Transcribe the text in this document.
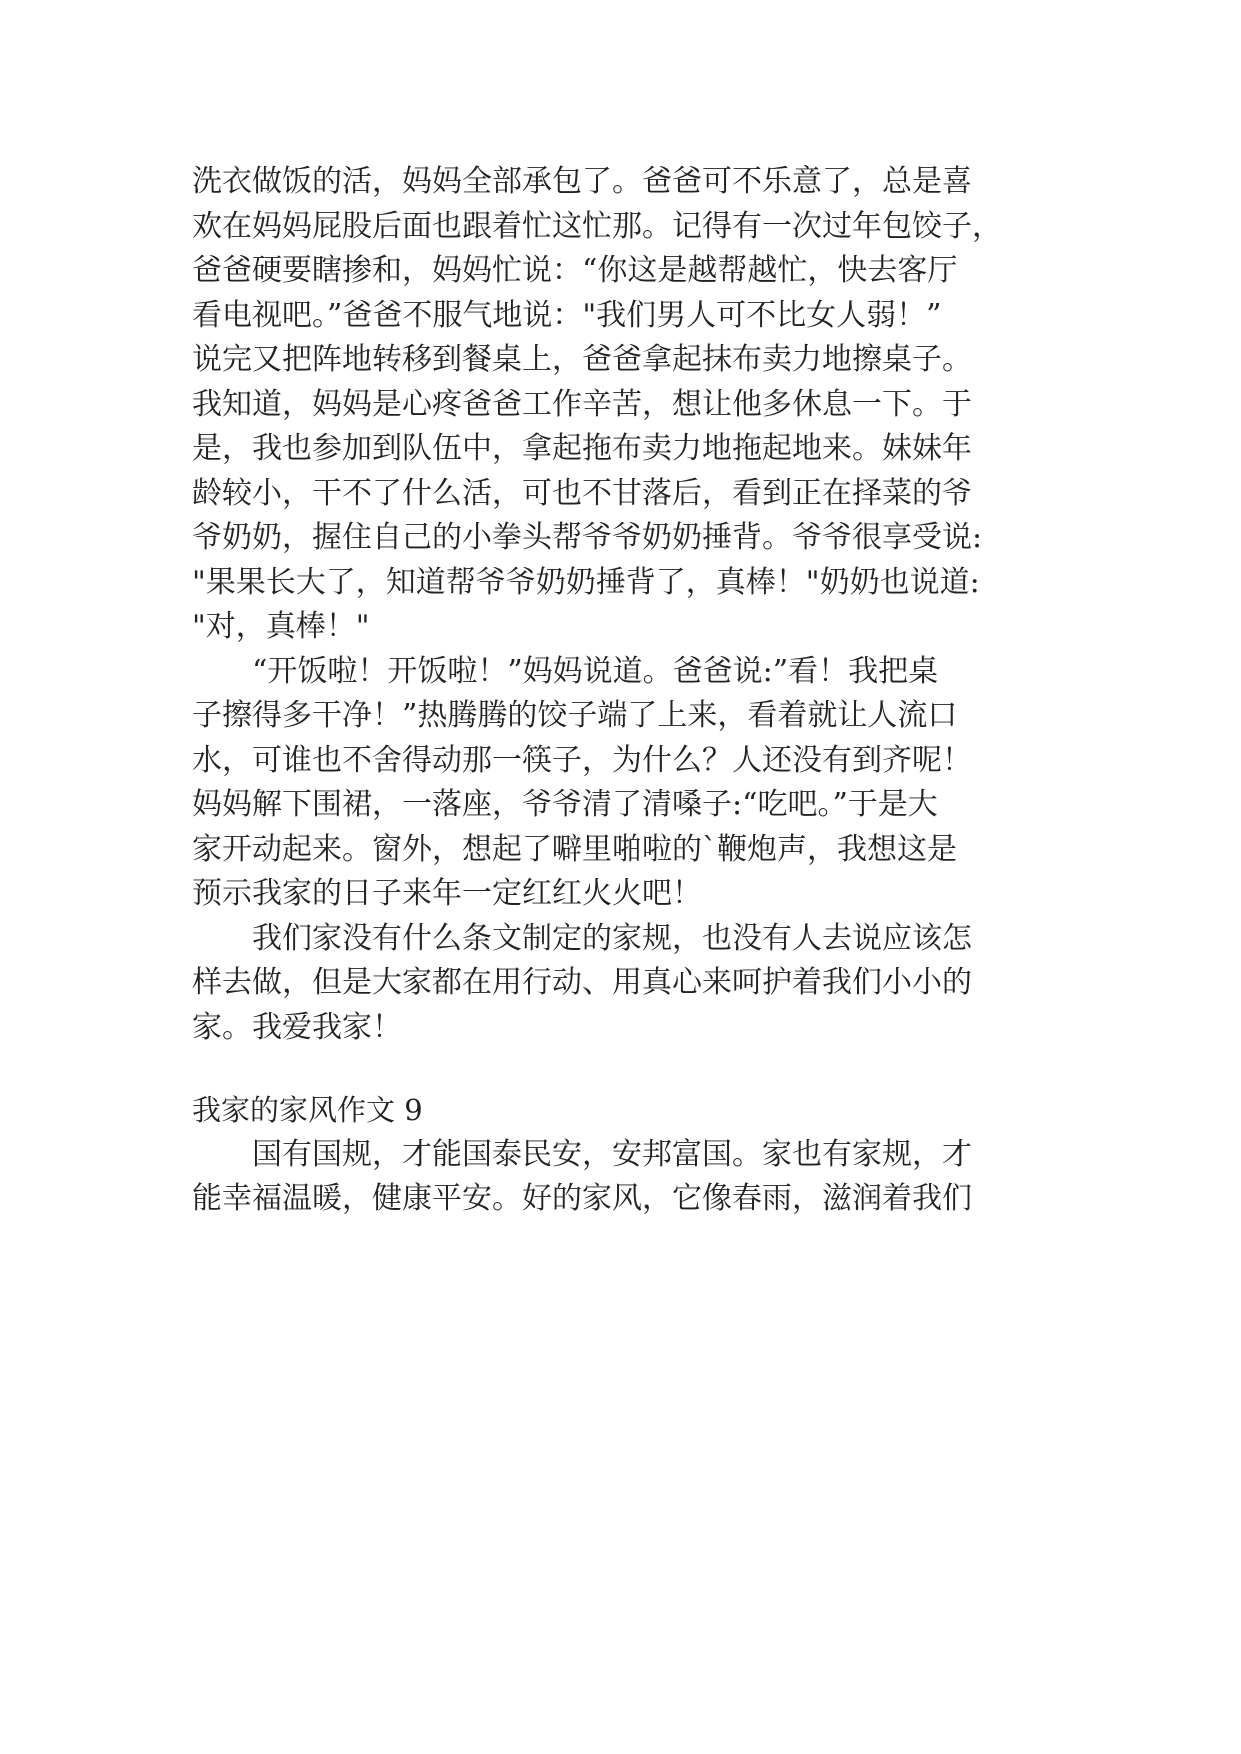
洗衣做饭的活，妈妈全部承包了。爸爸可不乐意了，总是喜

欢在妈妈屁股后面也跟着忙这忙那。记得有一次过年包饺子，

爸爸硬要瞎掺和，妈妈忙说：“你这是越帮越忙，快去客厅

看电视吧。”爸爸不服气地说："我们男人可不比女人弱！”

说完又把阵地转移到餐桌上，爸爸拿起抹布卖力地擦桌子。

我知道，妈妈是心疼爸爸工作辛苦，想让他多休息一下。于

是，我也参加到队伍中，拿起拖布卖力地拖起地来。妹妹年

龄较小，干不了什么活，可也不甘落后，看到正在择菜的爷

爷奶奶，握住自己的小拳头帮爷爷奶奶捶背。爷爷很享受说:

"果果长大了，知道帮爷爷奶奶捶背了，真棒！"奶奶也说道:

"对，真棒！"

“开饭啦！开饭啦！”妈妈说道。爸爸说:”看！我把桌

子擦得多干净！”热腾腾的饺子端了上来，看着就让人流口

水，可谁也不舍得动那一筷子，为什么？人还没有到齐呢！

妈妈解下围裙，一落座，爷爷清了清嗓子:“吃吧。”于是大

家开动起来。窗外，想起了噼里啪啦的`鞭炮声，我想这是

预示我家的日子来年一定红红火火吧！

我们家没有什么条文制定的家规，也没有人去说应该怎

样去做，但是大家都在用行动、用真心来呵护着我们小小的

家。我爱我家！

我家的家风作文 9

国有国规，才能国泰民安，安邦富国。家也有家规，才

能幸福温暖，健康平安。好的家风，它像春雨，滋润着我们
